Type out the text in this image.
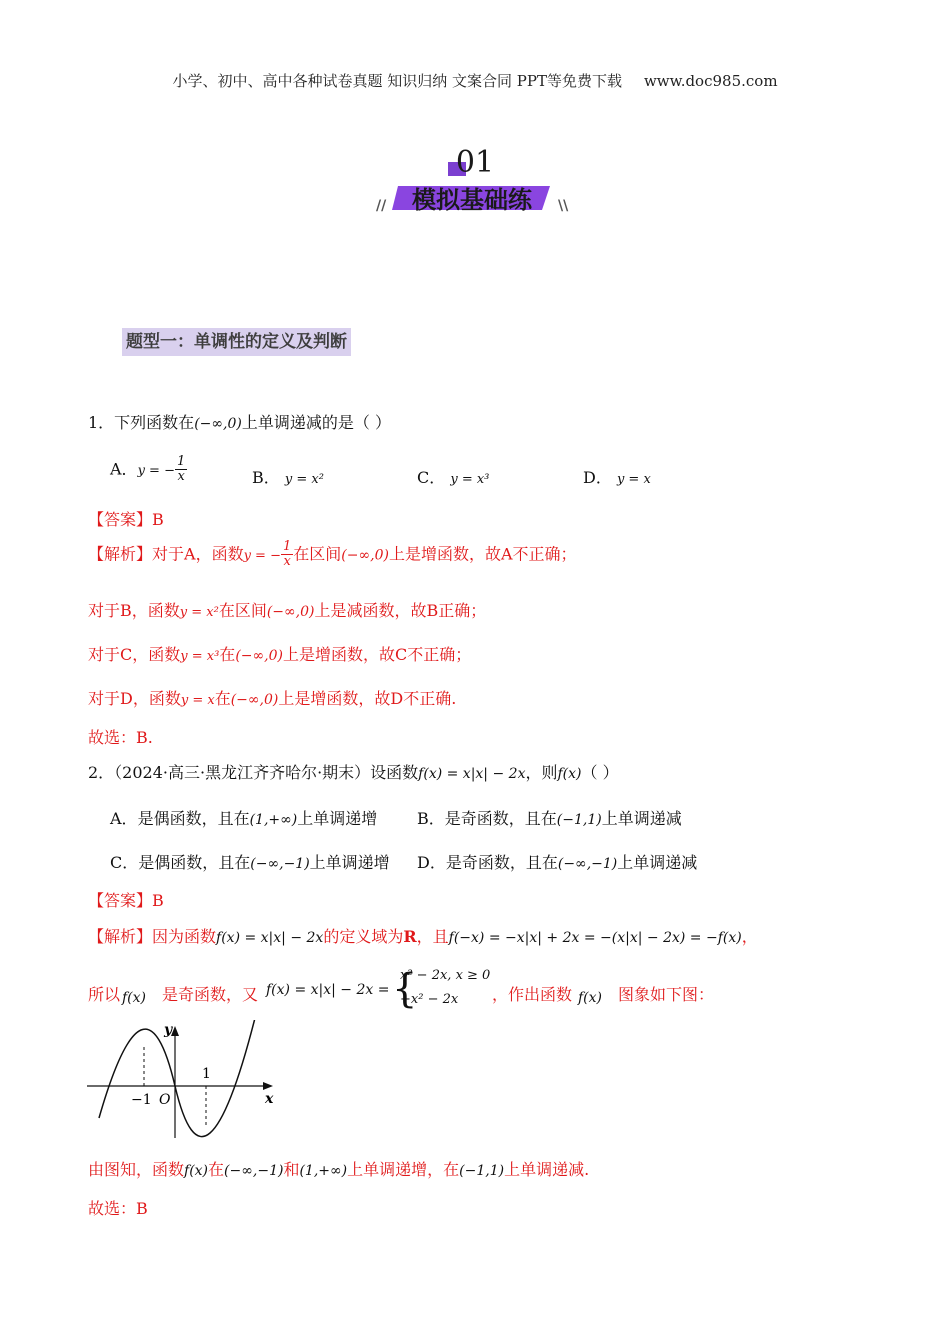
小学、初中、高中各种试卷真题 知识归纳 文案合同 PPT等免费下载 www.doc985.com
01
模拟基础练
//	\\
题型一：单调性的定义及判断
1．下列函数在(−∞,0)上单调递减的是（ ）
A．y = − $\frac{1}{x}$	B． y = x²	C． y = x³	D． y = x
【答案】B
【解析】对于A，函数y = − $\frac{1}{x}$ 在区间(−∞,0)上是增函数，故A不正确；
对于B，函数y = x²在区间(−∞,0)上是减函数，故B正确；
对于C，函数y = x³在(−∞,0)上是增函数，故C不正确；
对于D，函数y = x在(−∞,0)上是增函数，故D不正确.
故选：B.
2．（2024·高三·黑龙江齐齐哈尔·期末）设函数f(x) = x|x| − 2x，则f(x)（ ）
A．是偶函数，且在(1,+∞)上单调递增 B．是奇函数，且在(−1,1)上单调递减
C．是偶函数，且在(−∞,−1)上单调递增 D．是奇函数，且在(−∞,−1)上单调递减
【答案】B
【解析】因为函数f(x) = x|x| − 2x的定义域为R，且f(−x) = −x|x| + 2x = −(x|x| − 2x) = −f(x)，
所以 f(x) 是奇函数，又 f(x) = x|x| − 2x = {
x² − 2x, x ≥ 0
−x² − 2x ，作出函数 f(x) 图象如下图：
y
x
O
−1
1
由图知，函数f(x)在(−∞,−1)和(1,+∞)上单调递增，在(−1,1)上单调递减.
故选：B
